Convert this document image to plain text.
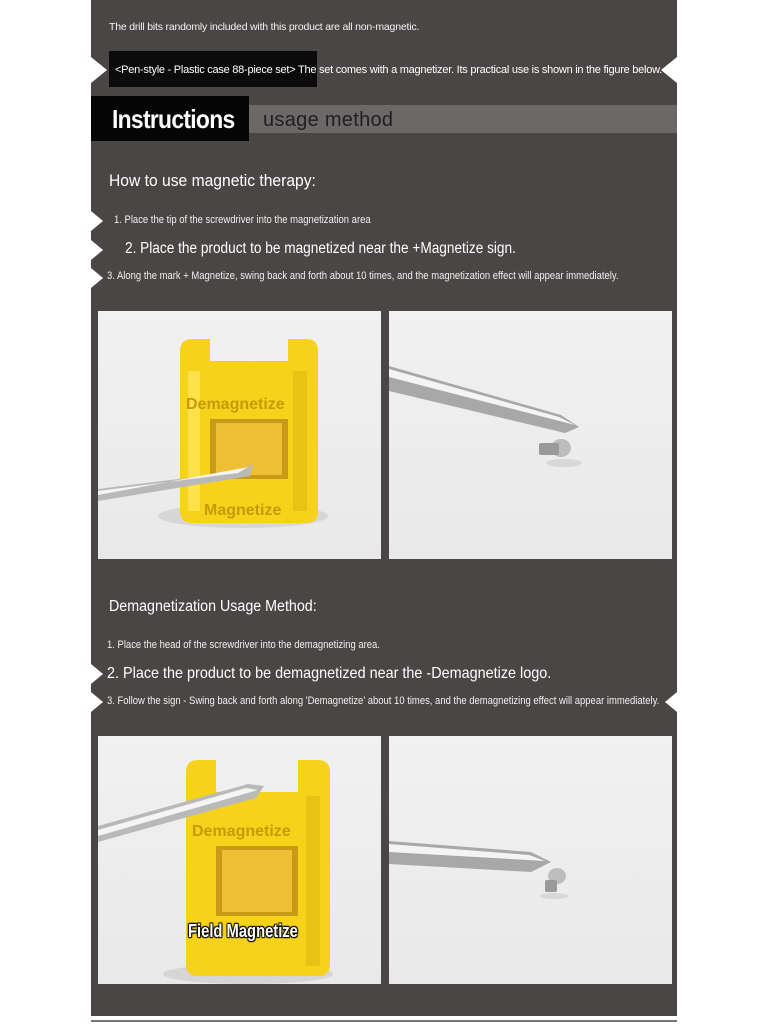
The drill bits randomly included with this product are all non-magnetic.
<Pen-style - Plastic case 88-piece set> The set comes with a magnetizer. Its practical use is shown in the figure below.
Instructions usage method
How to use magnetic therapy:
1. Place the tip of the screwdriver into the magnetization area
2. Place the product to be magnetized near the +Magnetize sign.
3. Along the mark + Magnetize, swing back and forth about 10 times, and the magnetization effect will appear immediately.
Demagnetize
Magnetize
Demagnetization Usage Method:
1. Place the head of the screwdriver into the demagnetizing area.
2. Place the product to be demagnetized near the -Demagnetize logo.
3. Follow the sign - Swing back and forth along 'Demagnetize' about 10 times, and the demagnetizing effect will appear immediately.
Demagnetize
Field Magnetize
